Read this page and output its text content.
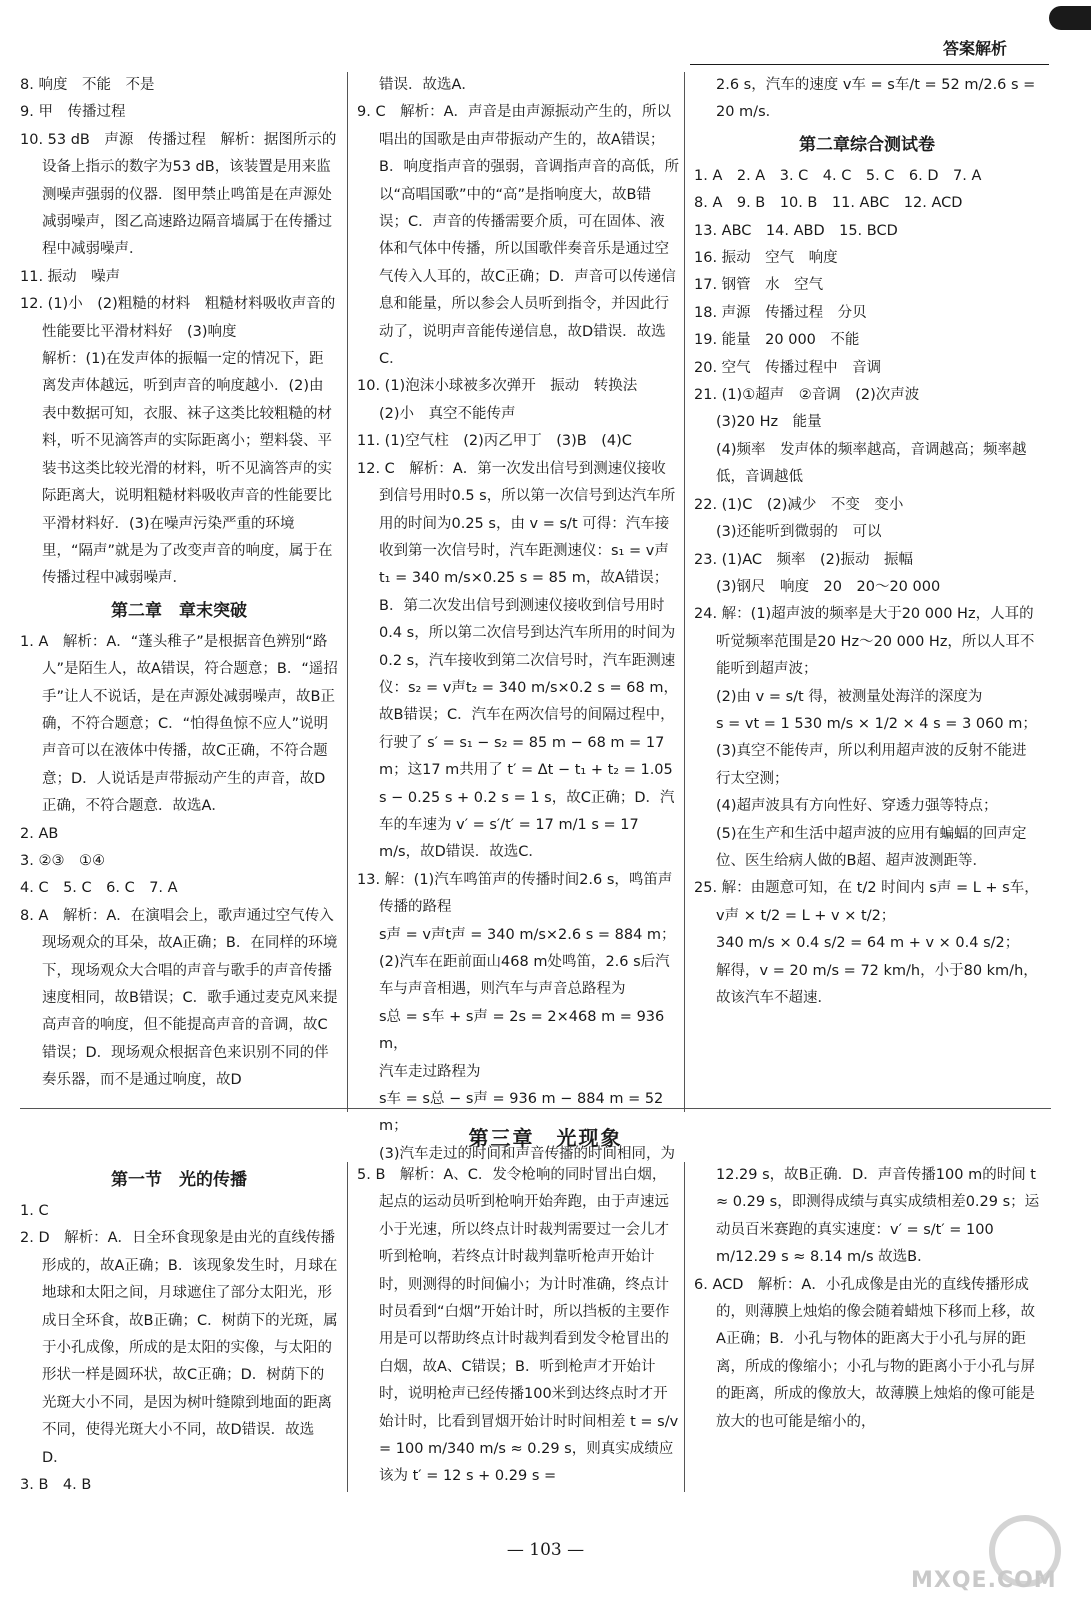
答案解析

8. 响度　不能　不是

9. 甲　传播过程

10. 53 dB　声源　传播过程　解析：据图所示的设备上指示的数字为53 dB，该装置是用来监测噪声强弱的仪器．图甲禁止鸣笛是在声源处减弱噪声，图乙高速路边隔音墙属于在传播过程中减弱噪声．

11. 振动　噪声

12. (1)小　(2)粗糙的材料　粗糙材料吸收声音的性能要比平滑材料好　(3)响度

解析：(1)在发声体的振幅一定的情况下，距离发声体越远，听到声音的响度越小．(2)由表中数据可知，衣服、袜子这类比较粗糙的材料，听不见滴答声的实际距离小；塑料袋、平装书这类比较光滑的材料，听不见滴答声的实际距离大，说明粗糙材料吸收声音的性能要比平滑材料好．(3)在噪声污染严重的环境里，“隔声”就是为了改变声音的响度，属于在传播过程中减弱噪声．

第二章　章末突破

1. A　解析：A．“蓬头稚子”是根据音色辨别“路人”是陌生人，故A错误，符合题意；B．“遥招手”让人不说话，是在声源处减弱噪声，故B正确，不符合题意；C．“怕得鱼惊不应人”说明声音可以在液体中传播，故C正确，不符合题意；D．人说话是声带振动产生的声音，故D正确，不符合题意．故选A．

2. AB

3. ②③　①④

4. C　5. C　6. C　7. A

8. A　解析：A．在演唱会上，歌声通过空气传入现场观众的耳朵，故A正确；B．在同样的环境下，现场观众大合唱的声音与歌手的声音传播速度相同，故B错误；C．歌手通过麦克风来提高声音的响度，但不能提高声音的音调，故C错误；D．现场观众根据音色来识别不同的伴奏乐器，而不是通过响度，故D

错误．故选A．

9. C　解析：A．声音是由声源振动产生的，所以唱出的国歌是由声带振动产生的，故A错误；B．响度指声音的强弱，音调指声音的高低，所以“高唱国歌”中的“高”是指响度大，故B错误；C．声音的传播需要介质，可在固体、液体和气体中传播，所以国歌伴奏音乐是通过空气传入人耳的，故C正确；D．声音可以传递信息和能量，所以参会人员听到指令，并因此行动了，说明声音能传递信息，故D错误．故选C．

10. (1)泡沫小球被多次弹开　振动　转换法

(2)小　真空不能传声

11. (1)空气柱　(2)丙乙甲丁　(3)B　(4)C

12. C　解析：A．第一次发出信号到测速仪接收到信号用时0.5 s，所以第一次信号到达汽车所用的时间为0.25 s，由 v = s/t 可得：汽车接收到第一次信号时，汽车距测速仪：s₁ = v声t₁ = 340 m/s×0.25 s = 85 m，故A错误；B．第二次发出信号到测速仪接收到信号用时0.4 s，所以第二次信号到达汽车所用的时间为0.2 s，汽车接收到第二次信号时，汽车距测速仪：s₂ = v声t₂ = 340 m/s×0.2 s = 68 m，故B错误；C．汽车在两次信号的间隔过程中，行驶了 s′ = s₁ − s₂ = 85 m − 68 m = 17 m；这17 m共用了 t′ = Δt − t₁ + t₂ = 1.05 s − 0.25 s + 0.2 s = 1 s，故C正确；D．汽车的车速为 v′ = s′/t′ = 17 m/1 s = 17 m/s，故D错误．故选C．

13. 解：(1)汽车鸣笛声的传播时间2.6 s，鸣笛声传播的路程

s声 = v声t声 = 340 m/s×2.6 s = 884 m；

(2)汽车在距前面山468 m处鸣笛，2.6 s后汽车与声音相遇，则汽车与声音总路程为

s总 = s车 + s声 = 2s = 2×468 m = 936 m，

汽车走过路程为

s车 = s总 − s声 = 936 m − 884 m = 52 m；

(3)汽车走过的时间和声音传播的时间相同，为

2.6 s，汽车的速度 v车 = s车/t = 52 m/2.6 s = 20 m/s．

第二章综合测试卷

1. A　2. A　3. C　4. C　5. C　6. D　7. A

8. A　9. B　10. B　11. ABC　12. ACD

13. ABC　14. ABD　15. BCD

16. 振动　空气　响度

17. 钢管　水　空气

18. 声源　传播过程　分贝

19. 能量　20 000　不能

20. 空气　传播过程中　音调

21. (1)①超声　②音调　(2)次声波

(3)20 Hz　能量

(4)频率　发声体的频率越高，音调越高；频率越低，音调越低

22. (1)C　(2)减少　不变　变小

(3)还能听到微弱的　可以

23. (1)AC　频率　(2)振动　振幅

(3)钢尺　响度　20　20～20 000

24. 解：(1)超声波的频率是大于20 000 Hz，人耳的听觉频率范围是20 Hz～20 000 Hz，所以人耳不能听到超声波；

(2)由 v = s/t 得，被测量处海洋的深度为

s = vt = 1 530 m/s × 1/2 × 4 s = 3 060 m；

(3)真空不能传声，所以利用超声波的反射不能进行太空测；

(4)超声波具有方向性好、穿透力强等特点；

(5)在生产和生活中超声波的应用有蝙蝠的回声定位、医生给病人做的B超、超声波测距等．

25. 解：由题意可知，在 t/2 时间内 s声 = L + s车，

v声 × t/2 = L + v × t/2；

340 m/s × 0.4 s/2 = 64 m + v × 0.4 s/2；

解得，v = 20 m/s = 72 km/h，小于80 km/h，

故该汽车不超速．

第三章　光现象

第一节　光的传播

1. C

2. D　解析：A．日全环食现象是由光的直线传播形成的，故A正确；B．该现象发生时，月球在地球和太阳之间，月球遮住了部分太阳光，形成日全环食，故B正确；C．树荫下的光斑，属于小孔成像，所成的是太阳的实像，与太阳的形状一样是圆环状，故C正确；D．树荫下的光斑大小不同，是因为树叶缝隙到地面的距离不同，使得光斑大小不同，故D错误．故选D．

3. B　4. B

5. B　解析：A、C．发令枪响的同时冒出白烟，起点的运动员听到枪响开始奔跑，由于声速远小于光速，所以终点计时裁判需要过一会儿才听到枪响，若终点计时裁判靠听枪声开始计时，则测得的时间偏小；为计时准确，终点计时员看到“白烟”开始计时，所以挡板的主要作用是可以帮助终点计时裁判看到发令枪冒出的白烟，故A、C错误；B．听到枪声才开始计时，说明枪声已经传播100米到达终点时才开始计时，比看到冒烟开始计时时间相差 t = s/v = 100 m/340 m/s ≈ 0.29 s，则真实成绩应该为 t′ = 12 s + 0.29 s =

12.29 s，故B正确．D．声音传播100 m的时间 t ≈ 0.29 s，即测得成绩与真实成绩相差0.29 s；运动员百米赛跑的真实速度：v′ = s/t′ = 100 m/12.29 s ≈ 8.14 m/s 故选B．

6. ACD　解析：A．小孔成像是由光的直线传播形成的，则薄膜上烛焰的像会随着蜡烛下移而上移，故A正确；B．小孔与物体的距离大于小孔与屏的距离，所成的像缩小；小孔与物的距离小于小孔与屏的距离，所成的像放大，故薄膜上烛焰的像可能是放大的也可能是缩小的，

— 103 —
MXQE.COM
